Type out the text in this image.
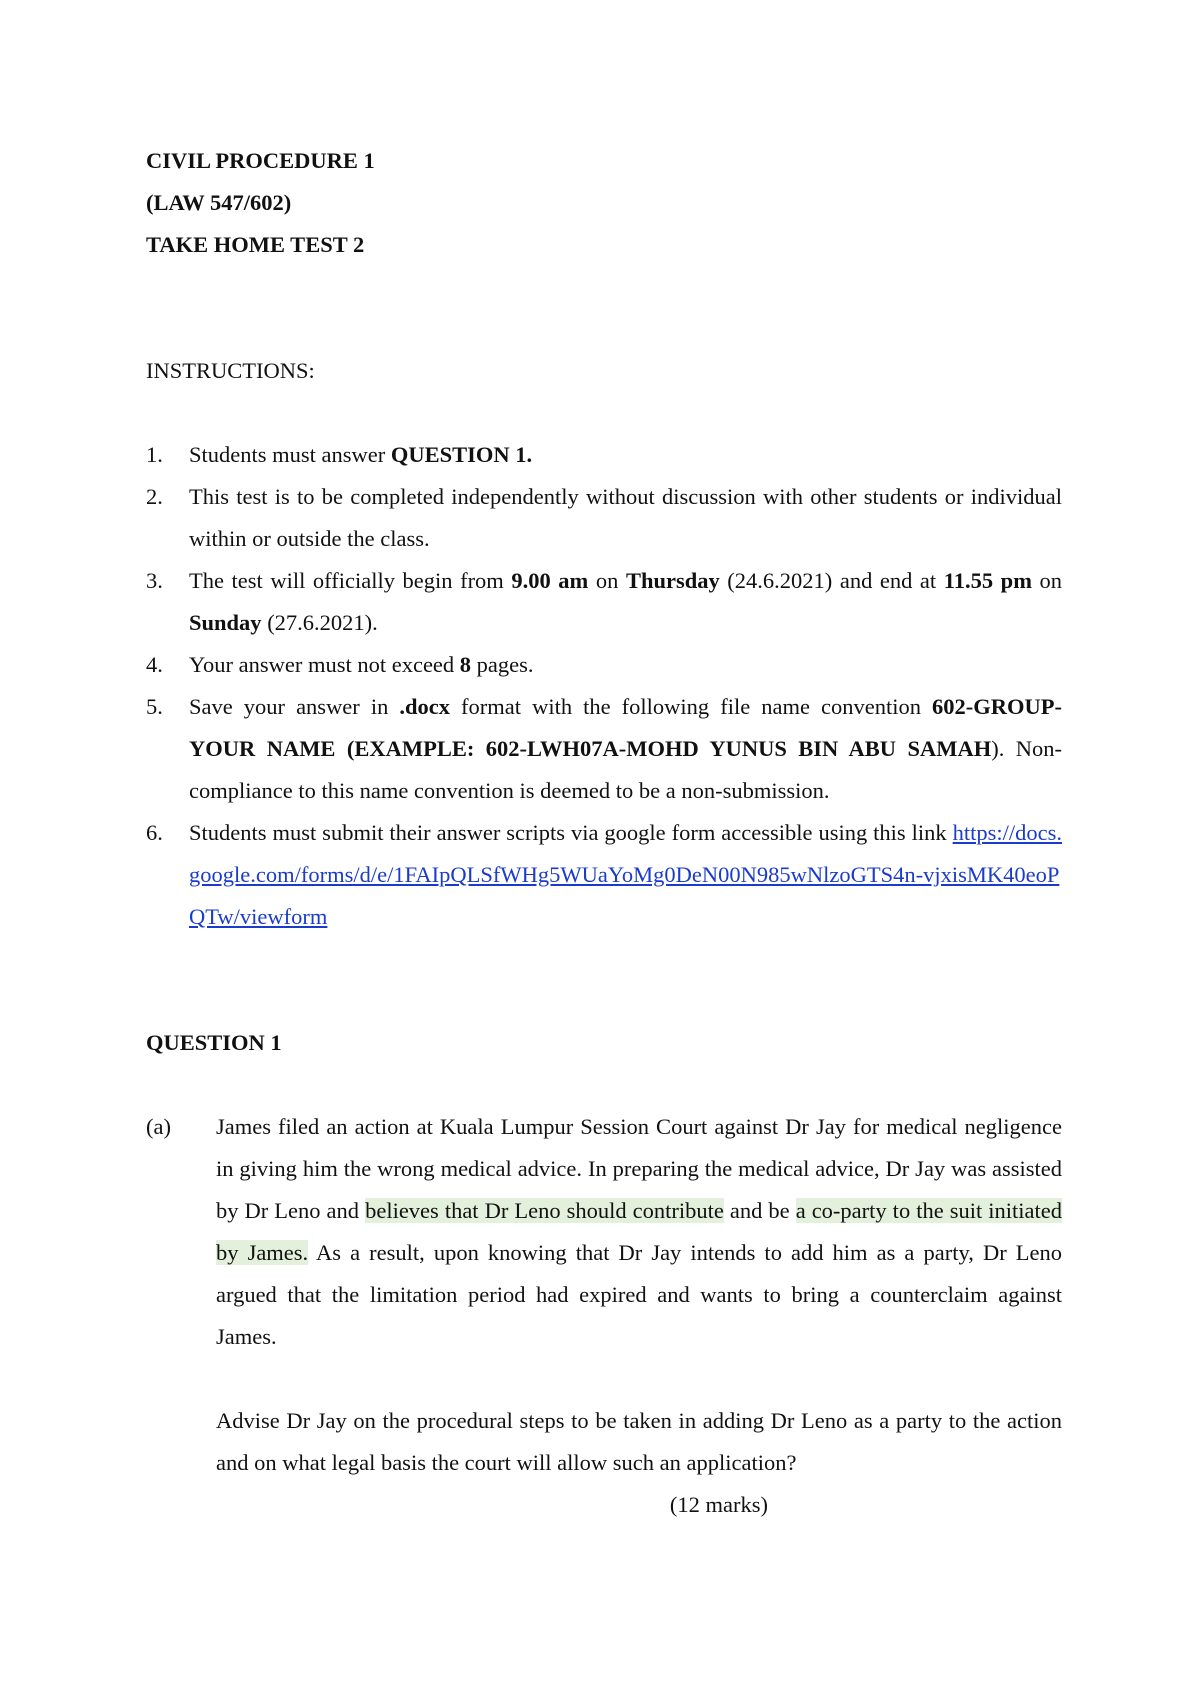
CIVIL PROCEDURE 1

(LAW 547/602)

TAKE HOME TEST 2

INSTRUCTIONS:

1.	Students must answer QUESTION 1.
2.	This test is to be completed independently without discussion with other students or individual within or outside the class.
3.	The test will officially begin from 9.00 am on Thursday (24.6.2021) and end at 11.55 pm on Sunday (27.6.2021).
4.	Your answer must not exceed 8 pages.
5.	Save your answer in .docx format with the following file name convention 602-GROUP-YOUR NAME (EXAMPLE: 602-LWH07A-MOHD YUNUS BIN ABU SAMAH). Non-compliance to this name convention is deemed to be a non-submission.
6.	Students must submit their answer scripts via google form accessible using this link https://docs.google.com/forms/d/e/1FAIpQLSfWHg5WUaYoMg0DeN00N985wNlzoGTS4n-vjxisMK40eoPQTw/viewform

QUESTION 1

(a)	James filed an action at Kuala Lumpur Session Court against Dr Jay for medical negligence in giving him the wrong medical advice. In preparing the medical advice, Dr Jay was assisted by Dr Leno and believes that Dr Leno should contribute and be a co-party to the suit initiated by James. As a result, upon knowing that Dr Jay intends to add him as a party, Dr Leno argued that the limitation period had expired and wants to bring a counterclaim against James.

Advise Dr Jay on the procedural steps to be taken in adding Dr Leno as a party to the action and on what legal basis the court will allow such an application?

(12 marks)
